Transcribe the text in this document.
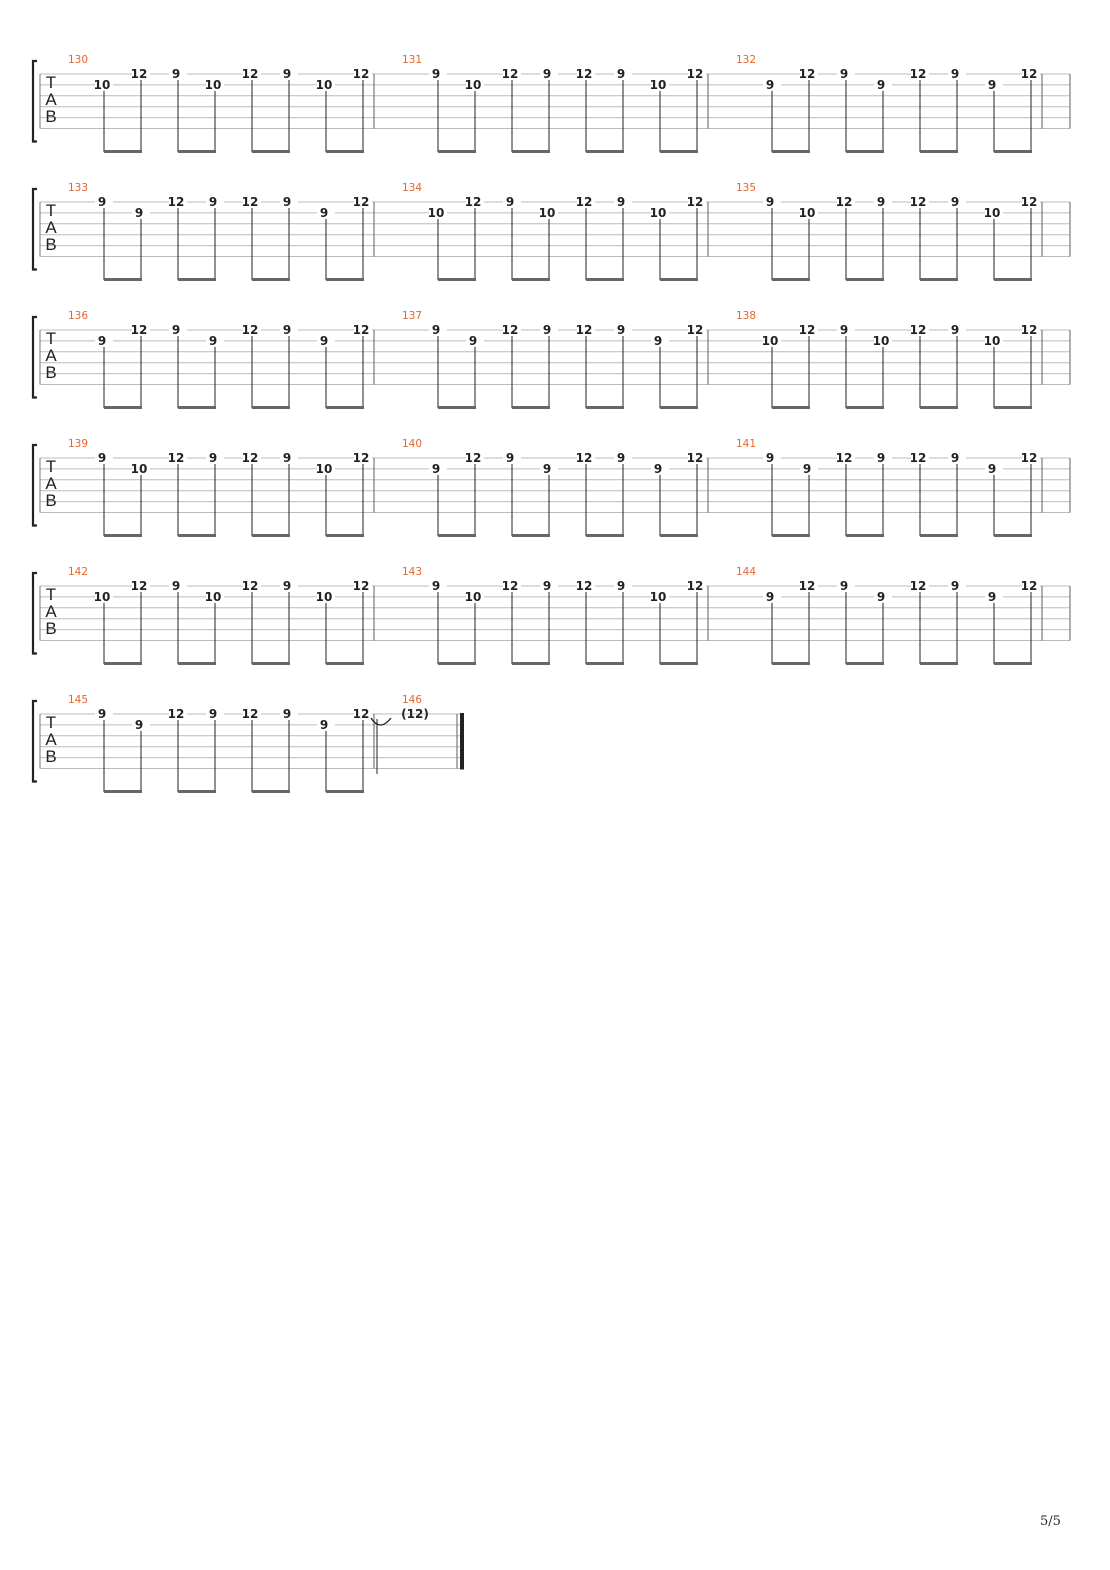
T
A
B
130
10
12 9
10
12 9
10
12
131
9
10
12 9 12 9
10
12
132
9
12 9
9
12 9
9
12
T
A
B
133
9
9
12 9 12 9
9
12
134
10
12 9
10
12 9
10
12
135
9
10
12 9 12 9
10
12
T
A
B
136
9
12 9
9
12 9
9
12
137
9
9
12 9 12 9
9
12
138
10
12 9
10
12 9
10
12
T
A
B
139
9
10
12 9 12 9
10
12
140
9
12 9
9
12 9
9
12
141
9
9
12 9 12 9
9
12
T
A
B
142
10
12 9
10
12 9
10
12
143
9
10
12 9 12 9
10
12
144
9
12 9
9
12 9
9
12
T
A
B
145
9
9
12 9 12 9
9
12
146
(12)
5/5
